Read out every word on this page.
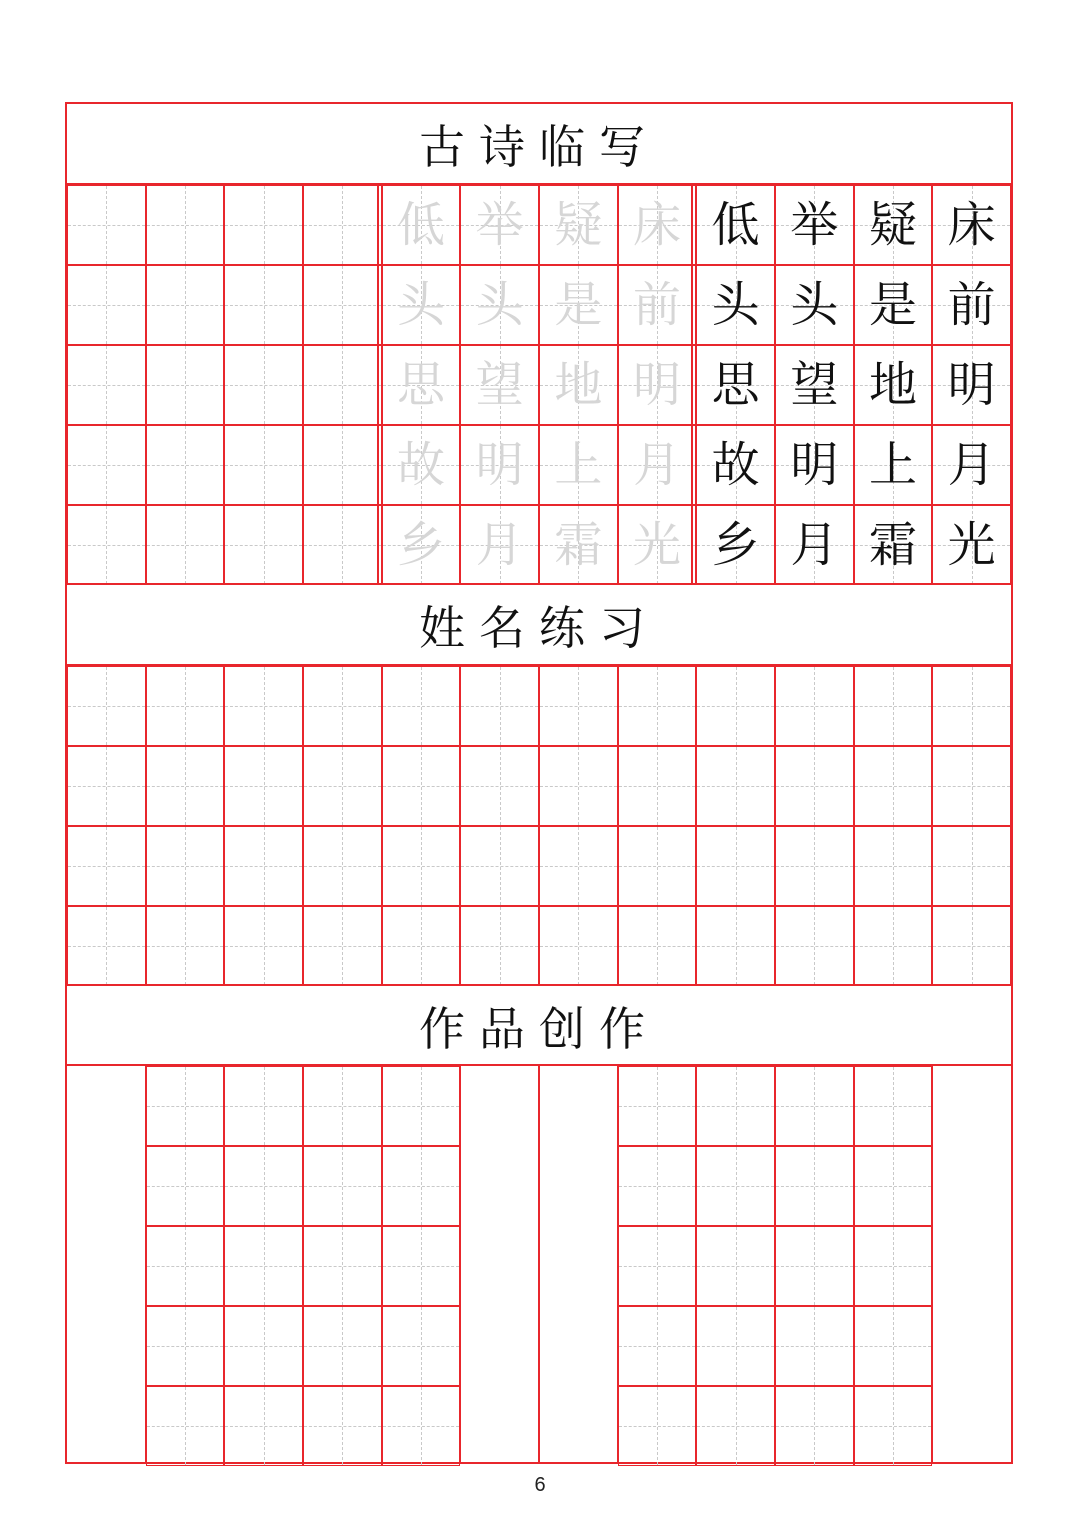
古诗临写
低 举 疑 床 低 举 疑 床
头 头 是 前 头 头 是 前
思 望 地 明 思 望 地 明
故 明 上 月 故 明 上 月
乡 月 霜 光 乡 月 霜 光
姓名练习
作品创作
6
